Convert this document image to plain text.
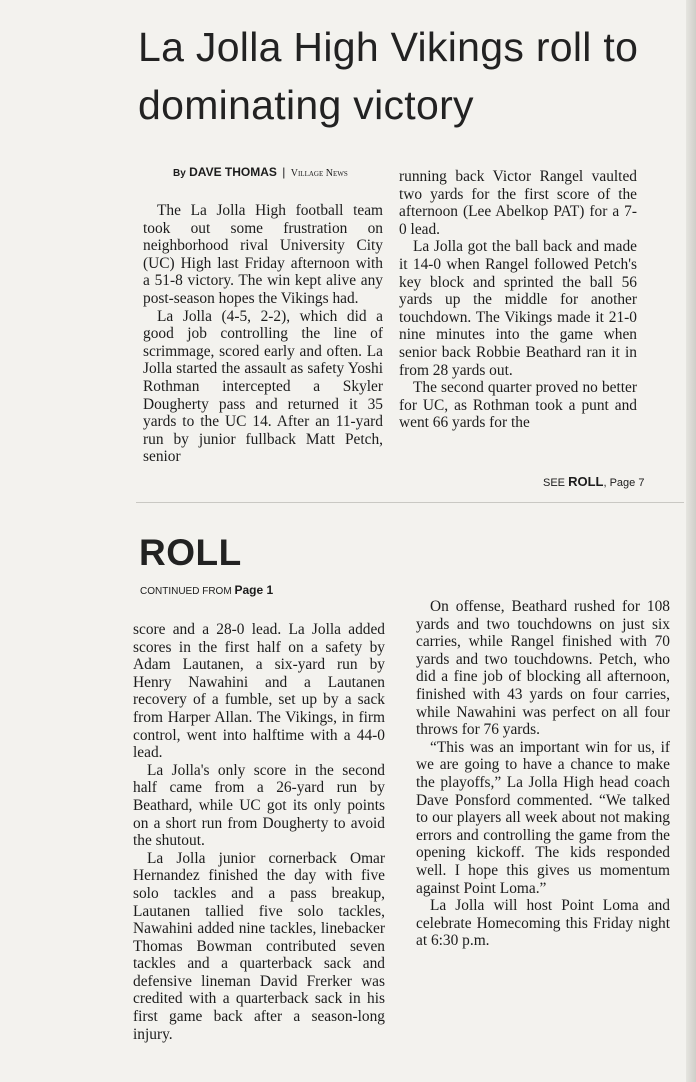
La Jolla High Vikings roll to dominating victory
By DAVE THOMAS | Village News

The La Jolla High football team took out some frustration on neighborhood rival University City (UC) High last Friday afternoon with a 51-8 victory. The win kept alive any post-season hopes the Vikings had.

La Jolla (4-5, 2-2), which did a good job controlling the line of scrimmage, scored early and often. La Jolla started the assault as safety Yoshi Rothman intercepted a Skyler Dougherty pass and returned it 35 yards to the UC 14. After an 11-yard run by junior fullback Matt Petch, senior

running back Victor Rangel vaulted two yards for the first score of the afternoon (Lee Abelkop PAT) for a 7-0 lead.

La Jolla got the ball back and made it 14-0 when Rangel followed Petch's key block and sprinted the ball 56 yards up the middle for another touchdown. The Vikings made it 21-0 nine minutes into the game when senior back Robbie Beathard ran it in from 28 yards out.

The second quarter proved no better for UC, as Rothman took a punt and went 66 yards for the

SEE ROLL, Page 7
ROLL
CONTINUED FROM Page 1

score and a 28-0 lead. La Jolla added scores in the first half on a safety by Adam Lautanen, a six-yard run by Henry Nawahini and a Lautanen recovery of a fumble, set up by a sack from Harper Allan. The Vikings, in firm control, went into halftime with a 44-0 lead.

La Jolla's only score in the second half came from a 26-yard run by Beathard, while UC got its only points on a short run from Dougherty to avoid the shutout.

La Jolla junior cornerback Omar Hernandez finished the day with five solo tackles and a pass breakup, Lautanen tallied five solo tackles, Nawahini added nine tackles, linebacker Thomas Bowman contributed seven tackles and a quarterback sack and defensive lineman David Frerker was credited with a quarterback sack in his first game back after a season-long injury.

On offense, Beathard rushed for 108 yards and two touchdowns on just six carries, while Rangel finished with 70 yards and two touchdowns. Petch, who did a fine job of blocking all afternoon, finished with 43 yards on four carries, while Nawahini was perfect on all four throws for 76 yards.

“This was an important win for us, if we are going to have a chance to make the playoffs,” La Jolla High head coach Dave Ponsford commented. “We talked to our players all week about not making errors and controlling the game from the opening kickoff. The kids responded well. I hope this gives us momentum against Point Loma.”

La Jolla will host Point Loma and celebrate Homecoming this Friday night at 6:30 p.m.
